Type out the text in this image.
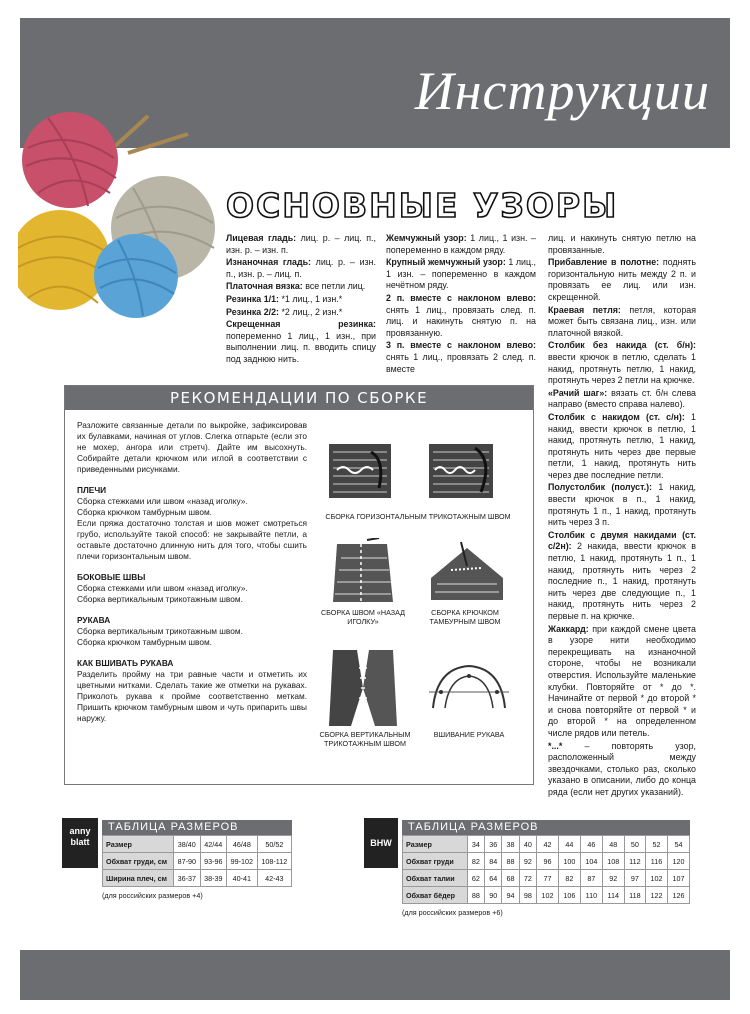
Инструкции
ОСНОВНЫЕ УЗОРЫ

Лицевая гладь: лиц. р. – лиц. п., изн. р. – изн. п.

Изнаночная гладь: лиц. р. – изн. п., изн. р. – лиц. п.

Платочная вязка: все петли лиц.

Резинка 1/1: *1 лиц., 1 изн.*

Резинка 2/2: *2 лиц., 2 изн.*

Скрещенная резинка: попеременно 1 лиц., 1 изн., при выполнении лиц. п. вводить спицу под заднюю нить.

Жемчужный узор: 1 лиц., 1 изн. – попеременно в каждом ряду.

Крупный жемчужный узор: 1 лиц., 1 изн. – попеременно в каждом нечётном ряду.

2 п. вместе с наклоном влево: снять 1 лиц., провязать след. п. лиц. и накинуть снятую п. на провязанную.

3 п. вместе с наклоном влево: снять 1 лиц., провязать 2 след. п. вместе

лиц. и накинуть снятую петлю на провязанные.

Прибавление в полотне: поднять горизонтальную нить между 2 п. и провязать ее лиц. или изн. скрещенной.

Краевая петля: петля, которая может быть связана лиц., изн. или платочной вязкой.

Столбик без накида (ст. б/н): ввести крючок в петлю, сделать 1 накид, протянуть петлю, 1 накид, протянуть через 2 петли на крючке.

«Рачий шаг»: вязать ст. б/н слева направо (вместо справа налево).

Столбик с накидом (ст. с/н): 1 накид, ввести крючок в петлю, 1 накид, протянуть петлю, 1 накид, протянуть нить через две первые петли, 1 накид, протянуть нить через две последние петли.

Полустолбик (полуст.): 1 накид, ввести крючок в п., 1 накид, протянуть 1 п., 1 накид, протянуть нить через 3 п.

Столбик с двумя накидами (ст. с/2н): 2 накида, ввести крючок в петлю, 1 накид, протянуть 1 п., 1 накид, протянуть нить через 2 последние п., 1 накид, протянуть нить через две следующие п., 1 накид, протянуть нить через 2 первые п. на крючке.

Жаккард: при каждой смене цвета в узоре нити необходимо перекрещивать на изнаночной стороне, чтобы не возникали отверстия. Используйте маленькие клубки. Повторяйте от * до *. Начинайте от первой * до второй * и снова повторяйте от первой * и до второй * на определенном числе рядов или петель.

*...* – повторять узор, расположенный между звездочками, столько раз, сколько указано в описании, либо до конца ряда (если нет других указаний).

РЕКОМЕНДАЦИИ ПО СБОРКЕ

Разложите связанные детали по выкройке, зафиксировав их булавками, начиная от углов. Слегка отпарьте (если это не мохер, ангора или стретч). Дайте им высохнуть. Собирайте детали крючком или иглой в соответствии с приведенными рисунками.

ПЛЕЧИ

Сборка стежками или швом «назад иголку».

Сборка крючком тамбурным швом.

Если пряжа достаточно толстая и шов может смотреться грубо, используйте такой способ: не закрывайте петли, а оставьте достаточно длинную нить для того, чтобы сшить плечи горизонтальным швом.

БОКОВЫЕ ШВЫ

Сборка стежками или швом «назад иголку».

Сборка вертикальным трикотажным швом.

РУКАВА

Сборка вертикальным трикотажным швом.

Сборка крючком тамбурным швом.

КАК ВШИВАТЬ РУКАВА

Разделить пройму на три равные части и отметить их цветными нитками. Сделать такие же отметки на рукавах. Приколоть рукава к пройме соответственно меткам. Пришить крючком тамбурным швом и чуть припарить швы наружу.

СБОРКА ГОРИЗОНТАЛЬНЫМ ТРИКОТАЖНЫМ ШВОМ
СБОРКА ШВОМ «НАЗАД ИГОЛКУ»
СБОРКА КРЮЧКОМ ТАМБУРНЫМ ШВОМ
СБОРКА ВЕРТИКАЛЬНЫМ ТРИКОТАЖНЫМ ШВОМ
ВШИВАНИЕ РУКАВА
anny blatt
ТАБЛИЦА РАЗМЕРОВ
Размер	38/40	42/44	46/48	50/52
Обхват груди, см	87-90	93-96	99-102	108-112
Ширина плеч, см	36-37	38-39	40-41	42-43
(для российских размеров +4)
BHW
ТАБЛИЦА РАЗМЕРОВ
Размер	34	36	38	40	42	44	46	48	50	52	54
Обхват груди	82	84	88	92	96	100	104	108	112	116	120
Обхват талии	62	64	68	72	77	82	87	92	97	102	107
Обхват бёдер	88	90	94	98	102	106	110	114	118	122	126
(для российских размеров +6)
